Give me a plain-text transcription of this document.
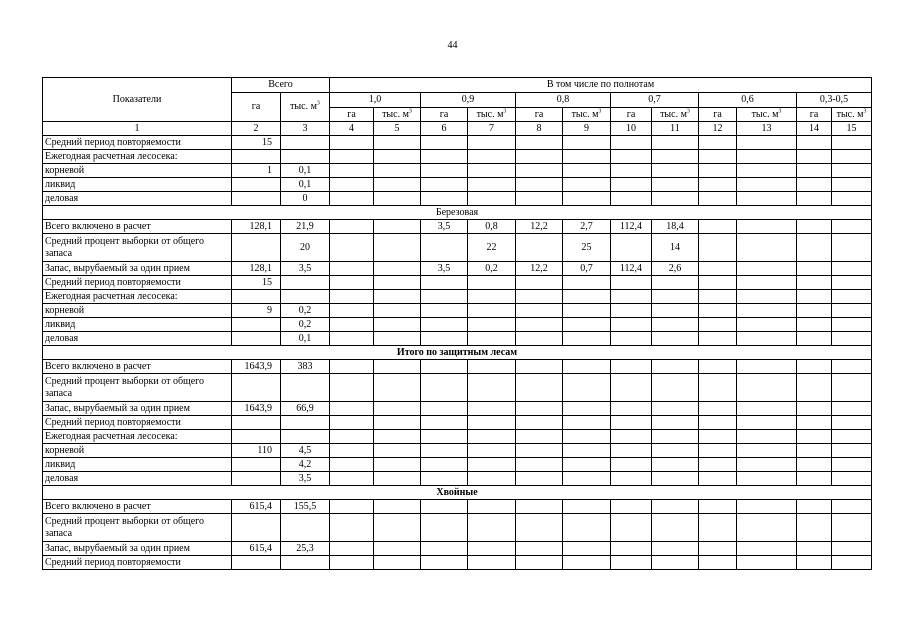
44
Показатели	Всего		В том числе по полнотам											
	га	тыс. $м^3$	1,0		0,9		0,8		0,7		0,6		0,3-0,5	
			га	тыс. $м^3$	га	тыс. $м^3$	га	тыс. $м^3$	га	тыс. $м^3$	га	тыс. $м^3$	га	тыс. $м^3$
1	2	3	4	5	6	7	8	9	10	11	12	13	14	15
Средний период повторяемости	15													
Ежегодная расчетная лесосека:														
корневой	1	0,1												
ликвид		0,1												
деловая		0												
Березовая														
Всего включено в расчет	128,1	21,9			3,5	0,8	12,2	2,7	112,4	18,4				
Средний процент выборки от общего запаса		20				22		25		14				
Запас, вырубаемый за один прием	128,1	3,5			3,5	0,2	12,2	0,7	112,4	2,6				
Средний период повторяемости	15													
Ежегодная расчетная лесосека:														
корневой	9	0,2												
ликвид		0,2												
деловая		0,1												
Итого по защитным лесам														
Всего включено в расчет	1643,9	383												
Средний процент выборки от общего запаса														
Запас, вырубаемый за один прием	1643,9	66,9												
Средний период повторяемости														
Ежегодная расчетная лесосека:														
корневой	110	4,5												
ликвид		4,2												
деловая		3,5												
Хвойные														
Всего включено в расчет	615,4	155,5												
Средний процент выборки от общего запаса														
Запас, вырубаемый за один прием	615,4	25,3												
Средний период повторяемости														
